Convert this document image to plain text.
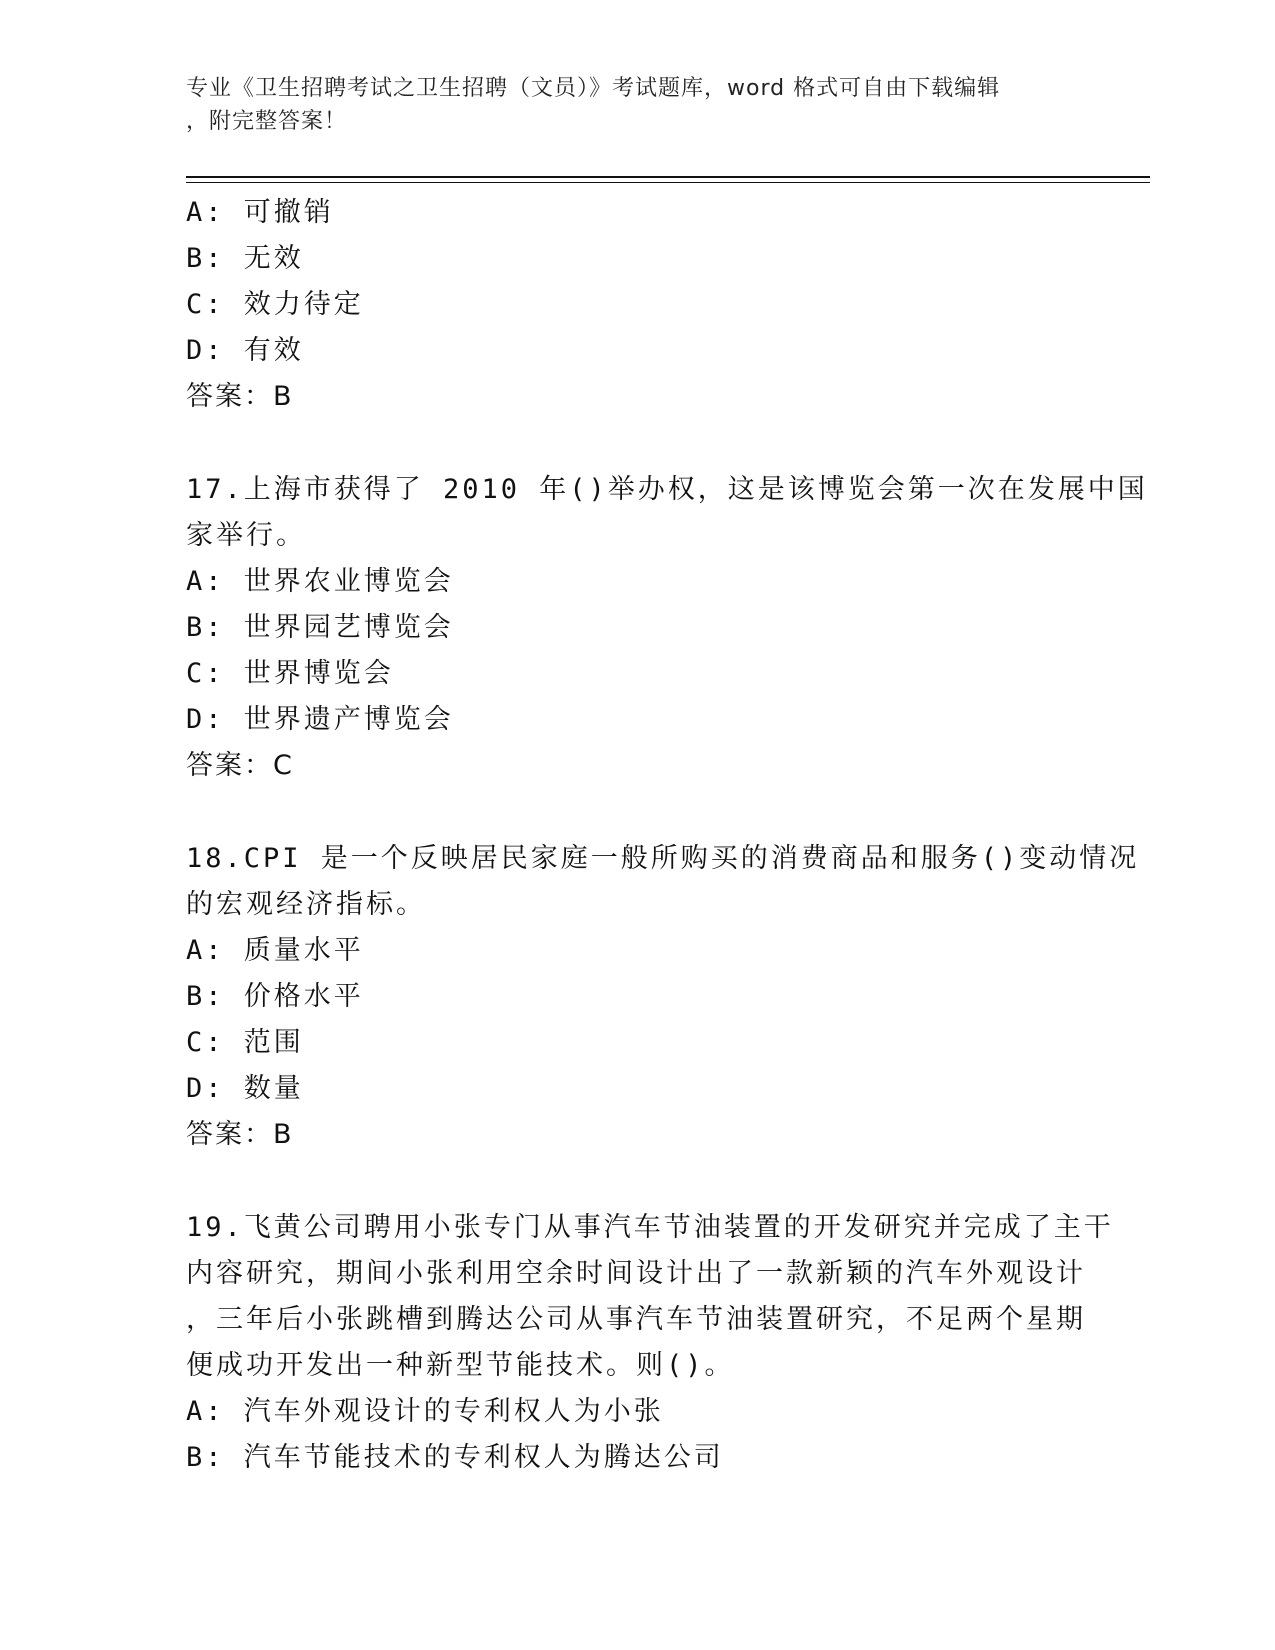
专业《卫生招聘考试之卫生招聘（文员）》考试题库，word 格式可自由下载编辑
，附完整答案！
A: 可撤销
B: 无效
C: 效力待定
D: 有效
答案：B
17.上海市获得了 2010 年()举办权，这是该博览会第一次在发展中国
家举行。
A: 世界农业博览会
B: 世界园艺博览会
C: 世界博览会
D: 世界遗产博览会
答案：C
18.CPI 是一个反映居民家庭一般所购买的消费商品和服务()变动情况
的宏观经济指标。
A: 质量水平
B: 价格水平
C: 范围
D: 数量
答案：B
19.飞黄公司聘用小张专门从事汽车节油装置的开发研究并完成了主干
内容研究，期间小张利用空余时间设计出了一款新颖的汽车外观设计
，三年后小张跳槽到腾达公司从事汽车节油装置研究，不足两个星期
便成功开发出一种新型节能技术。则()。
A: 汽车外观设计的专利权人为小张
B: 汽车节能技术的专利权人为腾达公司
